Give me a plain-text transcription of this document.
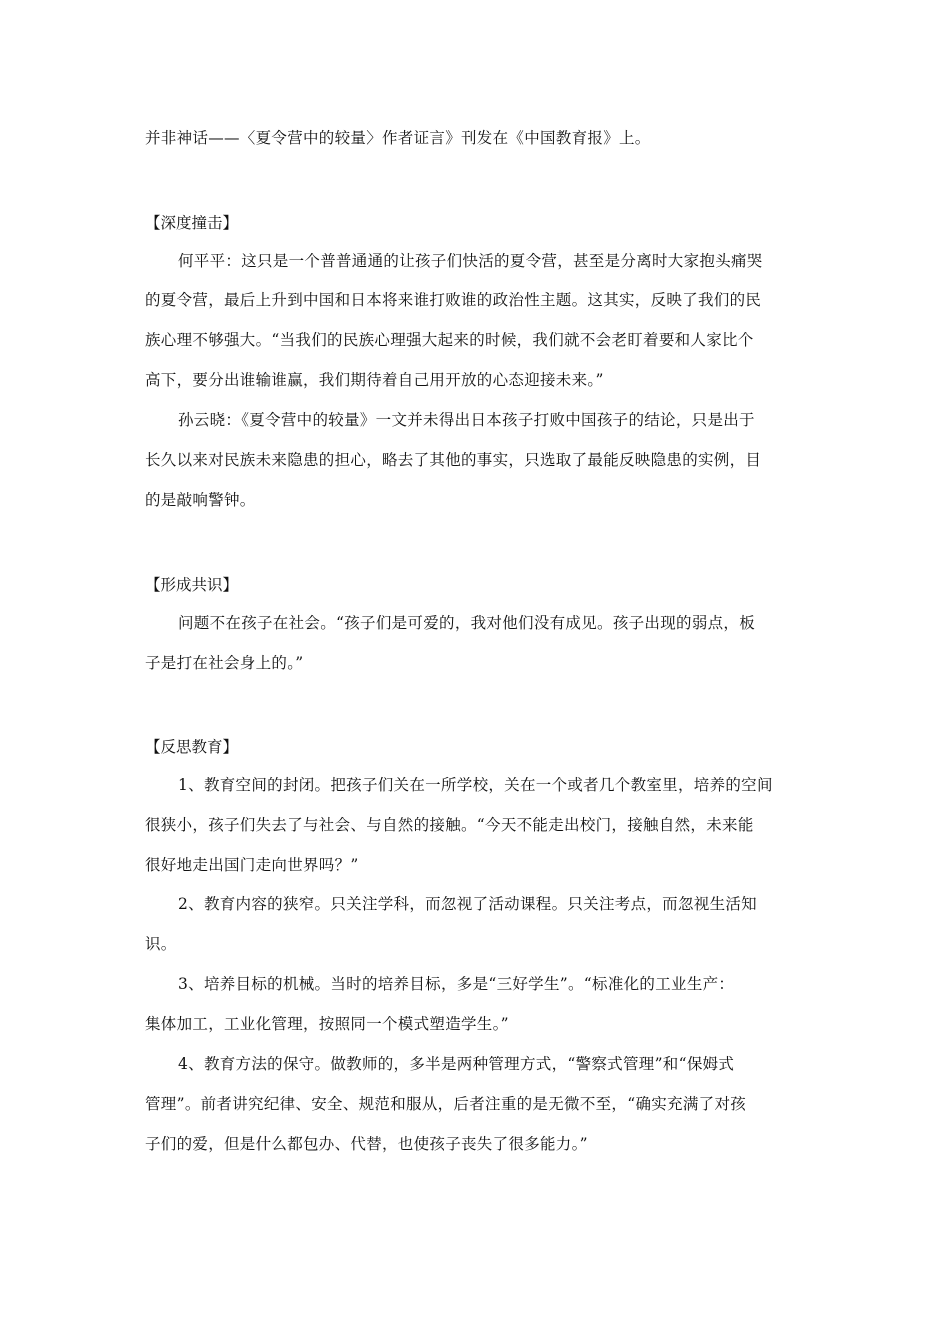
并非神话——〈夏令营中的较量〉作者证言》刊发在《中国教育报》上。
【深度撞击】
何平平：这只是一个普普通通的让孩子们快活的夏令营，甚至是分离时大家抱头痛哭
的夏令营，最后上升到中国和日本将来谁打败谁的政治性主题。这其实，反映了我们的民
族心理不够强大。“当我们的民族心理强大起来的时候，我们就不会老盯着要和人家比个
高下，要分出谁输谁赢，我们期待着自己用开放的心态迎接未来。”
孙云晓：《夏令营中的较量》一文并未得出日本孩子打败中国孩子的结论，只是出于
长久以来对民族未来隐患的担心，略去了其他的事实，只选取了最能反映隐患的实例，目
的是敲响警钟。
【形成共识】
问题不在孩子在社会。“孩子们是可爱的，我对他们没有成见。孩子出现的弱点，板
子是打在社会身上的。”
【反思教育】
1、教育空间的封闭。把孩子们关在一所学校，关在一个或者几个教室里，培养的空间
很狭小，孩子们失去了与社会、与自然的接触。“今天不能走出校门，接触自然，未来能
很好地走出国门走向世界吗？”
2、教育内容的狭窄。只关注学科，而忽视了活动课程。只关注考点，而忽视生活知
识。
3、培养目标的机械。当时的培养目标，多是“三好学生”。“标准化的工业生产：
集体加工，工业化管理，按照同一个模式塑造学生。”
4、教育方法的保守。做教师的，多半是两种管理方式，“警察式管理”和“保姆式
管理”。前者讲究纪律、安全、规范和服从，后者注重的是无微不至，“确实充满了对孩
子们的爱，但是什么都包办、代替，也使孩子丧失了很多能力。”
